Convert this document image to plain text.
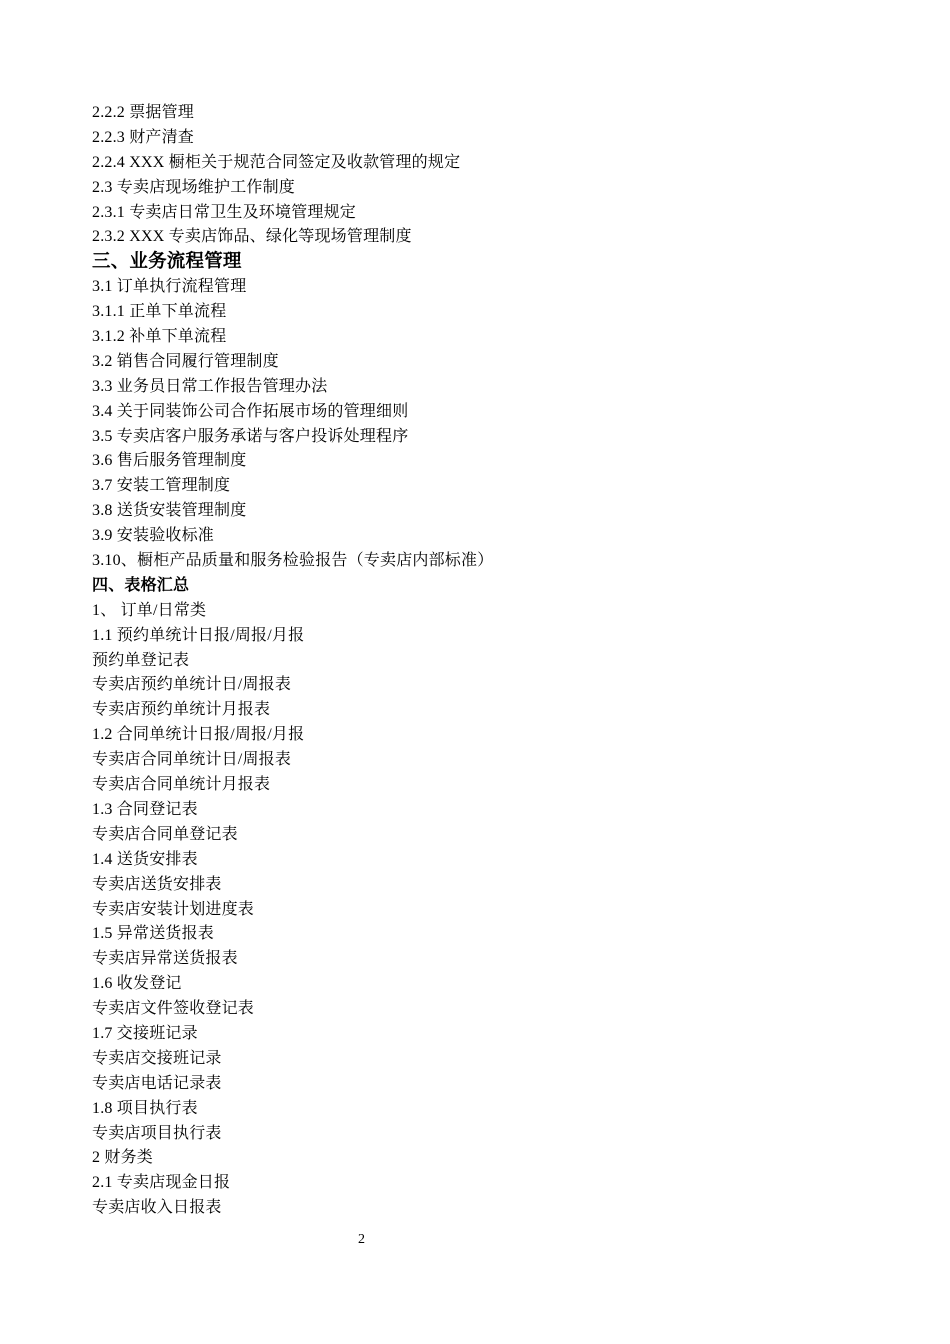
2.2.2 票据管理
2.2.3 财产清查
2.2.4 XXX 橱柜关于规范合同签定及收款管理的规定
2.3 专卖店现场维护工作制度
2.3.1 专卖店日常卫生及环境管理规定
2.3.2 XXX 专卖店饰品、绿化等现场管理制度
三、业务流程管理
3.1 订单执行流程管理
3.1.1 正单下单流程
3.1.2 补单下单流程
3.2 销售合同履行管理制度
3.3 业务员日常工作报告管理办法
3.4 关于同装饰公司合作拓展市场的管理细则
3.5 专卖店客户服务承诺与客户投诉处理程序
3.6 售后服务管理制度
3.7 安装工管理制度
3.8 送货安装管理制度
3.9 安装验收标准
3.10、橱柜产品质量和服务检验报告（专卖店内部标准）
四、表格汇总
1、 订单/日常类
1.1 预约单统计日报/周报/月报
预约单登记表
专卖店预约单统计日/周报表
专卖店预约单统计月报表
1.2 合同单统计日报/周报/月报
专卖店合同单统计日/周报表
专卖店合同单统计月报表
1.3 合同登记表
专卖店合同单登记表
1.4 送货安排表
专卖店送货安排表
专卖店安装计划进度表
1.5 异常送货报表
专卖店异常送货报表
1.6 收发登记
专卖店文件签收登记表
1.7 交接班记录
专卖店交接班记录
专卖店电话记录表
1.8 项目执行表
专卖店项目执行表
2 财务类
2.1 专卖店现金日报
专卖店收入日报表
2
